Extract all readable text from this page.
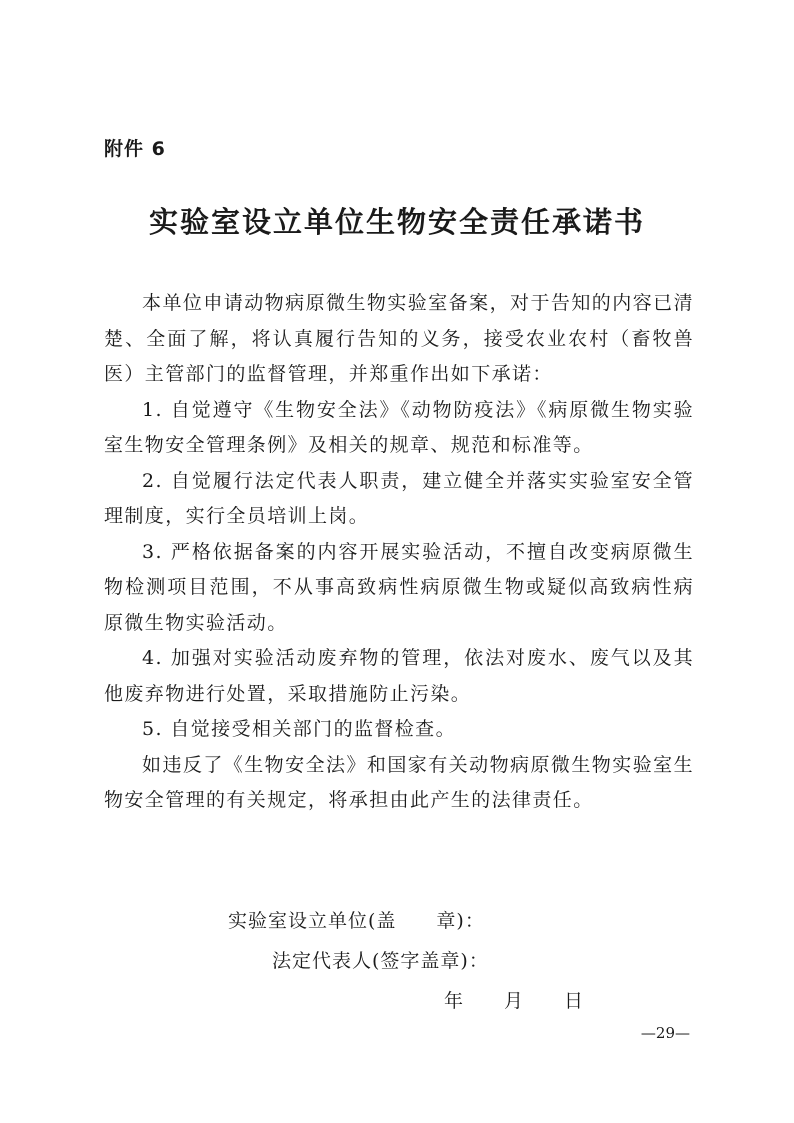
附件 6
实验室设立单位生物安全责任承诺书

本单位申请动物病原微生物实验室备案，对于告知的内容已清楚、全面了解，将认真履行告知的义务，接受农业农村（畜牧兽医）主管部门的监督管理，并郑重作出如下承诺：

1. 自觉遵守《生物安全法》《动物防疫法》《病原微生物实验室生物安全管理条例》及相关的规章、规范和标准等。

2. 自觉履行法定代表人职责，建立健全并落实实验室安全管理制度，实行全员培训上岗。

3. 严格依据备案的内容开展实验活动，不擅自改变病原微生物检测项目范围，不从事高致病性病原微生物或疑似高致病性病原微生物实验活动。

4. 加强对实验活动废弃物的管理，依法对废水、废气以及其他废弃物进行处置，采取措施防止污染。

5. 自觉接受相关部门的监督检查。

如违反了《生物安全法》和国家有关动物病原微生物实验室生物安全管理的有关规定，将承担由此产生的法律责任。

实验室设立单位(盖　　章)：
法定代表人(签字盖章)：
年　　月　　日
—29—
